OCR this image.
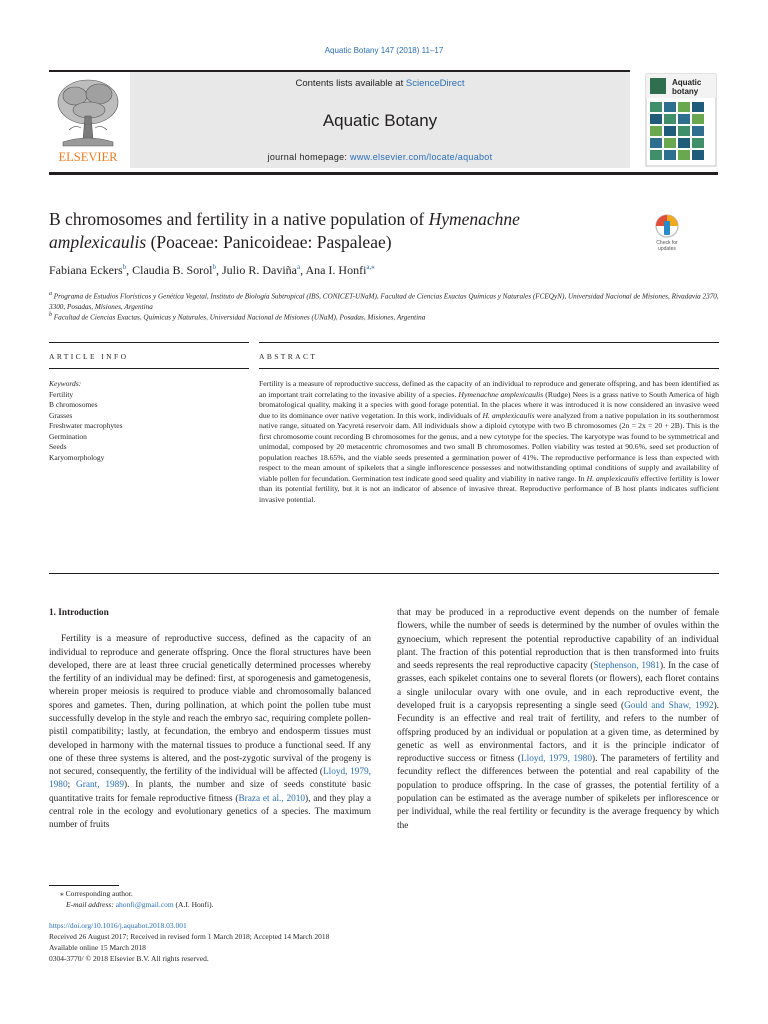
Aquatic Botany 147 (2018) 11–17
ELSEVIER
Contents lists available at ScienceDirect
Aquatic Botany
journal homepage: www.elsevier.com/locate/aquabot
Aquatic
botany
B chromosomes and fertility in a native population of Hymenachne
amplexicaulis (Poaceae: Panicoideae: Paspaleae)	Check for
updates
Fabiana Eckers$^b$, Claudia B. Sorol$^b$, Julio R. Daviña$^a$, Ana I. Honfi$^{a,⁎}$
$^a$ Programa de Estudios Florísticos y Genética Vegetal, Instituto de Biología Subtropical (IBS, CONICET-UNaM), Facultad de Ciencias Exactas Químicas y Naturales (FCEQyN), Universidad Nacional de Misiones, Rivadavia 2370, 3300, Posadas, Misiones, Argentina
$^b$ Facultad de Ciencias Exactas, Químicas y Naturales, Universidad Nacional de Misiones (UNaM), Posadas, Misiones, Argentina
ARTICLE INFO	ABSTRACT
Keywords:
Fertility
B chromosomes
Grasses
Freshwater macrophytes
Germination
Seeds
Karyomorphology
Fertility is a measure of reproductive success, defined as the capacity of an individual to reproduce and generate offspring, and has been identified as an important trait correlating to the invasive ability of a species. Hymenachne amplexicaulis (Rudge) Nees is a grass native to South America of high bromatological quality, making it a species with good forage potential. In the places where it was introduced it is now considered an invasive weed due to its dominance over native vegetation. In this work, individuals of H. amplexicaulis were analyzed from a native population in its southernmost native range, situated on Yacyretá reservoir dam. All individuals show a diploid cytotype with two B chromosomes (2n = 2x = 20 + 2B). This is the first chromosome count recording B chromosomes for the genus, and a new cytotype for the species. The karyotype was found to be symmetrical and unimodal, composed by 20 metacentric chromosomes and two small B chromosomes. Pollen viability was tested at 90.6%, seed set production of population reaches 18.65%, and the viable seeds presented a germination power of 41%. The reproductive performance is less than expected with respect to the mean amount of spikelets that a single inflorescence possesses and notwithstanding optimal conditions of supply and availability of viable pollen for fecundation. Germination test indicate good seed quality and viability in native range. In H. amplexicaulis effective fertility is lower than its potential fertility, but it is not an indicator of absence of invasive threat. Reproductive performance of B host plants indicates sufficient invasive potential.

1. Introduction

Fertility is a measure of reproductive success, defined as the capacity of an individual to reproduce and generate offspring. Once the floral structures have been developed, there are at least three crucial genetically determined processes whereby the fertility of an individual may be defined: first, at sporogenesis and gametogenesis, wherein proper meiosis is required to produce viable and chromosomally balanced spores and gametes. Then, during pollination, at which point the pollen tube must successfully develop in the style and reach the embryo sac, requiring complete pollen-pistil compatibility; lastly, at fecundation, the embryo and endosperm tissues must developed in harmony with the maternal tissues to produce a functional seed. If any one of these three systems is altered, and the post-zygotic survival of the progeny is not secured, consequently, the fertility of the individual will be affected (Lloyd, 1979, 1980; Grant, 1989). In plants, the number and size of seeds constitute basic quantitative traits for female reproductive fitness (Braza et al., 2010), and they play a central role in the ecology and evolutionary genetics of a species. The maximum number of fruits

that may be produced in a reproductive event depends on the number of female flowers, while the number of seeds is determined by the number of ovules within the gynoecium, which represent the potential reproductive capability of an individual plant. The fraction of this potential reproduction that is then transformed into fruits and seeds represents the real reproductive capacity (Stephenson, 1981). In the case of grasses, each spikelet contains one to several florets (or flowers), each floret contains a single unilocular ovary with one ovule, and in each reproductive event, the developed fruit is a caryopsis representing a single seed (Gould and Shaw, 1992). Fecundity is an effective and real trait of fertility, and refers to the number of offspring produced by an individual or population at a given time, as determined by genetic as well as environmental factors, and it is the principle indicator of reproductive success or fitness (Lloyd, 1979, 1980). The parameters of fertility and fecundity reflect the differences between the potential and real capability of the population to produce offspring. In the case of grasses, the potential fertility of a population can be estimated as the average number of spikelets per inflorescence or per individual, while the real fertility or fecundity is the average frequency by which the

⁎ Corresponding author.
E-mail address: ahonfi@gmail.com (A.I. Honfi).
https://doi.org/10.1016/j.aquabot.2018.03.001
Received 26 August 2017; Received in revised form 1 March 2018; Accepted 14 March 2018
Available online 15 March 2018
0304-3770/ © 2018 Elsevier B.V. All rights reserved.
